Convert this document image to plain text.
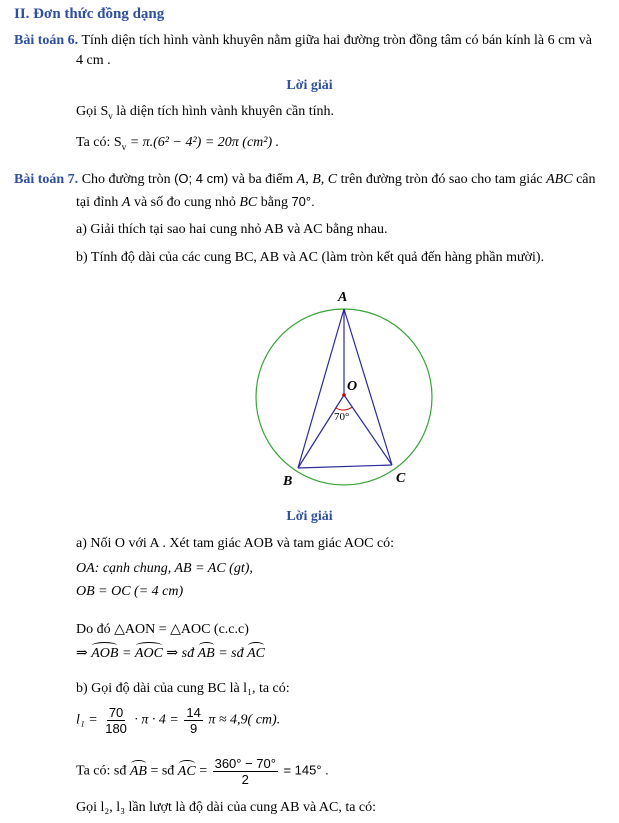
II. Đơn thức đồng dạng
Bài toán 6. Tính diện tích hình vành khuyên nằm giữa hai đường tròn đồng tâm có bán kính là 6 cm và
4 cm .
Lời giải
Gọi $S_v$ là diện tích hình vành khuyên cần tính.
Ta có: $S_v = \pi.(6^2 - 4^2) = 20\pi$ (cm²) .
Bài toán 7. Cho đường tròn (O; 4 cm) và ba điểm A, B, C trên đường tròn đó sao cho tam giác ABC cân
tại đỉnh A và số đo cung nhỏ BC bằng 70°.
a) Giải thích tại sao hai cung nhỏ AB và AC bằng nhau.
b) Tính độ dài của các cung BC, AB và AC (làm tròn kết quả đến hàng phần mười).
A
O
70°
B	C
Lời giải
a) Nối O với A . Xét tam giác AOB và tam giác AOC có:
OA: cạnh chung, AB = AC (gt),
OB = OC (= 4 cm)
Do đó △AON = △AOC (c.c.c)
⇒ AOB = AOC ⇒ sđ AB = sđ AC
b) Gọi độ dài của cung BC là l₁, ta có:
$l_1 = \frac{70}{180} \cdot \pi \cdot 4 = \frac{14}{9}$ π ≈ 4,9( cm).
Ta có: sđ AB = sđ AC = $\frac{360^\circ - 70^\circ}{2} = 145^\circ$ .
Gọi l₂, l₃ lần lượt là độ dài của cung AB và AC, ta có:
